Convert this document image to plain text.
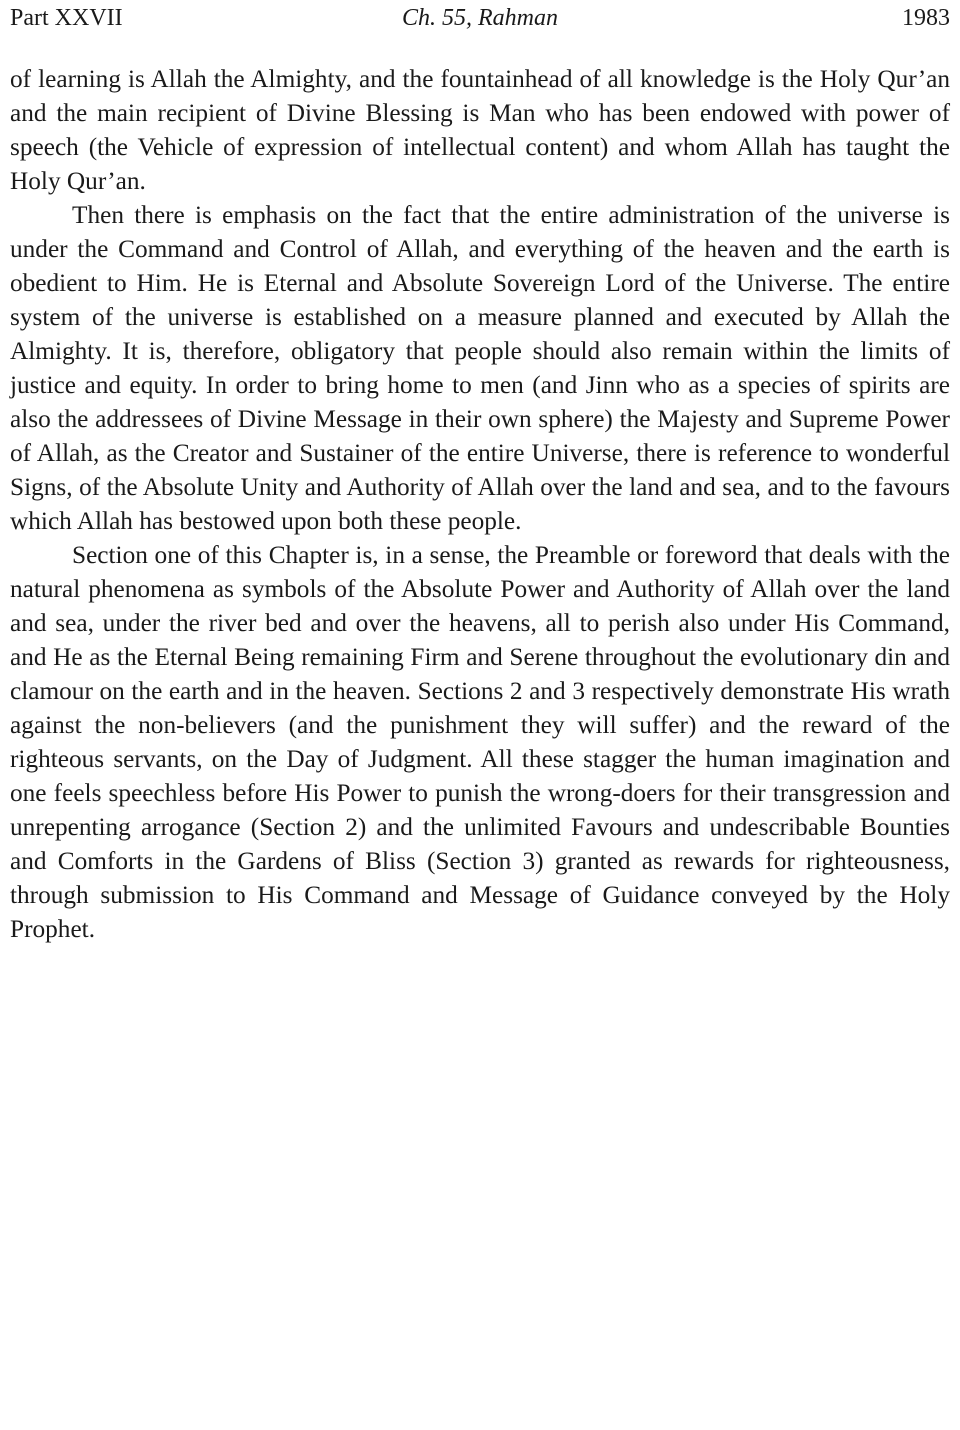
Part XXVII	Ch. 55, Rahman	1983

of learning is Allah the Almighty, and the fountainhead of all knowledge is the Holy Qur’an and the main recipient of Divine Blessing is Man who has been endowed with power of speech (the Vehicle of expression of intellectual content) and whom Allah has taught the Holy Qur’an.

Then there is emphasis on the fact that the entire administration of the universe is under the Command and Control of Allah, and everything of the heaven and the earth is obedient to Him. He is Eternal and Absolute Sovereign Lord of the Universe. The entire system of the universe is established on a measure planned and executed by Allah the Almighty. It is, therefore, obligatory that people should also remain within the limits of justice and equity. In order to bring home to men (and Jinn who as a species of spirits are also the addressees of Divine Message in their own sphere) the Majesty and Supreme Power of Allah, as the Creator and Sustainer of the entire Universe, there is reference to wonderful Signs, of the Absolute Unity and Authority of Allah over the land and sea, and to the favours which Allah has bestowed upon both these people.

Section one of this Chapter is, in a sense, the Preamble or foreword that deals with the natural phenomena as symbols of the Absolute Power and Authority of Allah over the land and sea, under the river bed and over the heavens, all to perish also under His Command, and He as the Eternal Being remaining Firm and Serene throughout the evolutionary din and clamour on the earth and in the heaven. Sections 2 and 3 respectively demonstrate His wrath against the non-believers (and the punishment they will suffer) and the reward of the righteous servants, on the Day of Judgment. All these stagger the human imagination and one feels speechless before His Power to punish the wrong-doers for their transgression and unrepenting arrogance (Section 2) and the unlimited Favours and undescribable Bounties and Comforts in the Gardens of Bliss (Section 3) granted as rewards for righteousness, through submission to His Command and Message of Guidance conveyed by the Holy Prophet.
